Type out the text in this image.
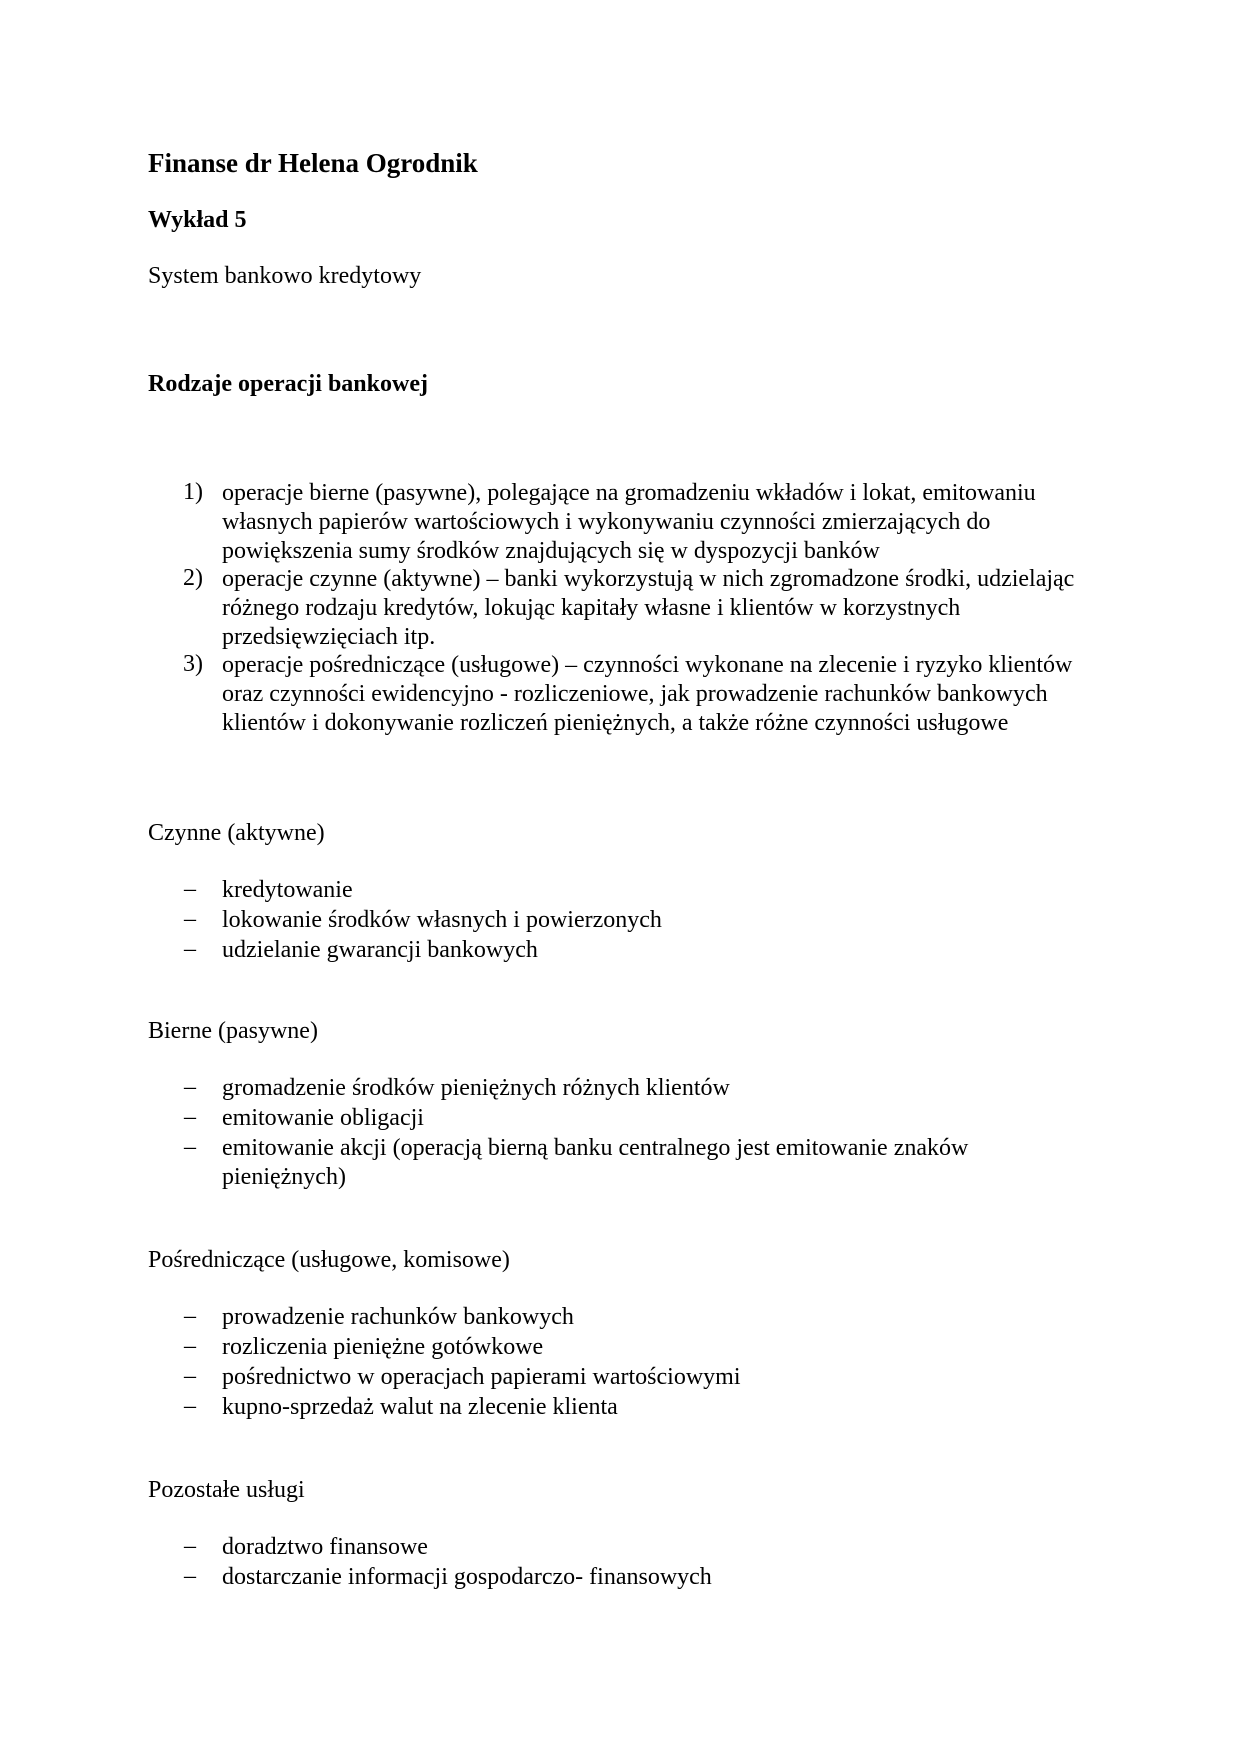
Finanse dr Helena Ogrodnik

Wykład 5

System bankowo kredytowy

Rodzaje operacji bankowej

1) operacje bierne (pasywne), polegające na gromadzeniu wkładów i lokat, emitowaniu własnych papierów wartościowych i wykonywaniu czynności zmierzających do powiększenia sumy środków znajdujących się w dyspozycji banków
2) operacje czynne (aktywne) – banki wykorzystują w nich zgromadzone środki, udzielając różnego rodzaju kredytów, lokując kapitały własne i klientów w korzystnych przedsięwzięciach itp.
3) operacje pośredniczące (usługowe) – czynności wykonane na zlecenie i ryzyko klientów oraz czynności ewidencyjno - rozliczeniowe, jak prowadzenie rachunków bankowych klientów i dokonywanie rozliczeń pieniężnych, a także różne czynności usługowe

Czynne (aktywne)

– kredytowanie
– lokowanie środków własnych i powierzonych
– udzielanie gwarancji bankowych

Bierne (pasywne)

– gromadzenie środków pieniężnych różnych klientów
– emitowanie obligacji
– emitowanie akcji (operacją bierną banku centralnego jest emitowanie znaków pieniężnych)

Pośredniczące (usługowe, komisowe)

– prowadzenie rachunków bankowych
– rozliczenia pieniężne gotówkowe
– pośrednictwo w operacjach papierami wartościowymi
– kupno-sprzedaż walut na zlecenie klienta

Pozostałe usługi

– doradztwo finansowe
– dostarczanie informacji gospodarczo- finansowych
